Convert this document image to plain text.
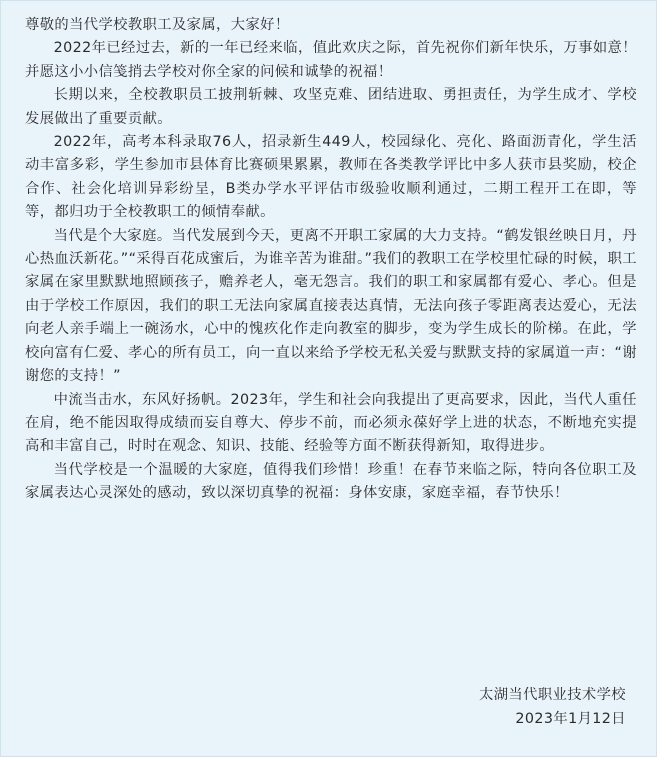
尊敬的当代学校教职工及家属，大家好！

2022年已经过去，新的一年已经来临，值此欢庆之际，首先祝你们新年快乐，万事如意！并愿这小小信笺捎去学校对你全家的问候和诚挚的祝福！

长期以来，全校教职员工披荆斩棘、攻坚克难、团结进取、勇担责任，为学生成才、学校发展做出了重要贡献。

2022年，高考本科录取76人，招录新生449人，校园绿化、亮化、路面沥青化，学生活动丰富多彩，学生参加市县体育比赛硕果累累，教师在各类教学评比中多人获市县奖励，校企合作、社会化培训异彩纷呈，B类办学水平评估市级验收顺利通过，二期工程开工在即，等等，都归功于全校教职工的倾情奉献。

当代是个大家庭。当代发展到今天，更离不开职工家属的大力支持。“鹤发银丝映日月，丹心热血沃新花。”“采得百花成蜜后，为谁辛苦为谁甜。”我们的教职工在学校里忙碌的时候，职工家属在家里默默地照顾孩子，赡养老人，毫无怨言。我们的职工和家属都有爱心、孝心。但是由于学校工作原因，我们的职工无法向家属直接表达真情，无法向孩子零距离表达爱心，无法向老人亲手端上一碗汤水，心中的愧疚化作走向教室的脚步，变为学生成长的阶梯。在此，学校向富有仁爱、孝心的所有员工，向一直以来给予学校无私关爱与默默支持的家属道一声：“谢谢您的支持！”

中流当击水，东风好扬帆。2023年，学生和社会向我提出了更高要求，因此，当代人重任在肩，绝不能因取得成绩而妄自尊大、停步不前，而必须永葆好学上进的状态，不断地充实提高和丰富自己，时时在观念、知识、技能、经验等方面不断获得新知，取得进步。

当代学校是一个温暖的大家庭，值得我们珍惜！珍重！在春节来临之际，特向各位职工及家属表达心灵深处的感动，致以深切真挚的祝福：身体安康，家庭幸福，春节快乐！

太湖当代职业技术学校
2023年1月12日
